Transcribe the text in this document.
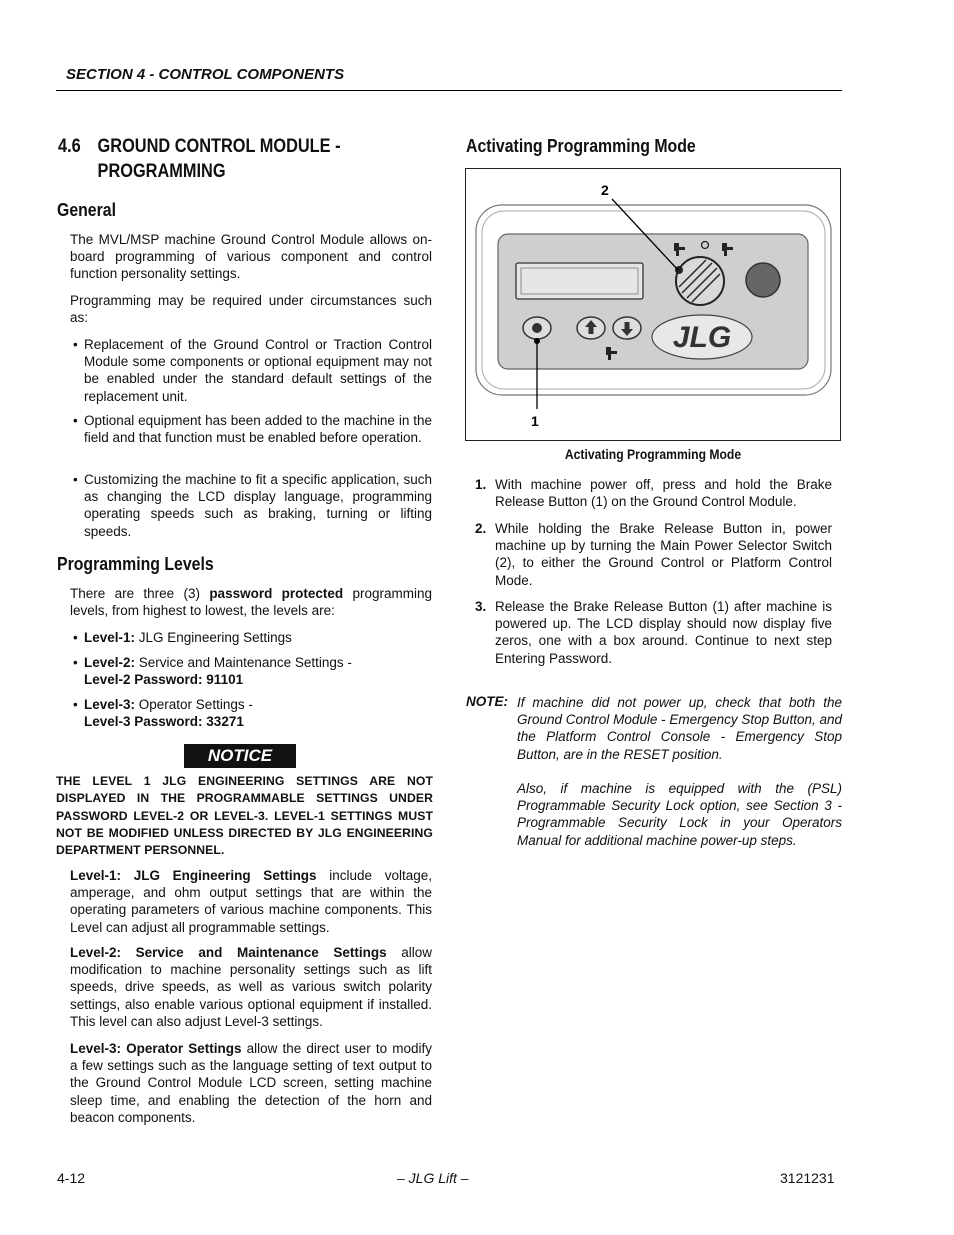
SECTION 4 - CONTROL COMPONENTS
4.6 GROUND CONTROL MODULE -
PROGRAMMING
General
The MVL/MSP machine Ground Control Module allows on-board programming of various component and control function personality settings.
Programming may be required under circumstances such as:
• Replacement of the Ground Control or Traction Control Module some components or optional equipment may not be enabled under the standard default settings of the replacement unit.
• Optional equipment has been added to the machine in the field and that function must be enabled before operation.
• Customizing the machine to fit a specific application, such as changing the LCD display language, programming operating speeds such as braking, turning or lifting speeds.
Programming Levels
There are three (3) password protected programming levels, from highest to lowest, the levels are:
• Level-1: JLG Engineering Settings
• Level-2: Service and Maintenance Settings -
Level-2 Password: 91101
• Level-3: Operator Settings -
Level-3 Password: 33271
NOTICE
THE LEVEL 1 JLG ENGINEERING SETTINGS ARE NOT DISPLAYED IN THE PROGRAMMABLE SETTINGS UNDER PASSWORD LEVEL-2 OR LEVEL-3. LEVEL-1 SETTINGS MUST NOT BE MODIFIED UNLESS DIRECTED BY JLG ENGINEERING DEPARTMENT PERSONNEL.
Level-1: JLG Engineering Settings include voltage, amperage, and ohm output settings that are within the operating parameters of various machine components. This Level can adjust all programmable settings.
Level-2: Service and Maintenance Settings allow modification to machine personality settings such as lift speeds, drive speeds, as well as various switch polarity settings, also enable various optional equipment if installed. This level can also adjust Level-3 settings.
Level-3: Operator Settings allow the direct user to modify a few settings such as the language setting of text output to the Ground Control Module LCD screen, setting machine sleep time, and enabling the detection of the horn and beacon components.
Activating Programming Mode
JLG
2
1
Activating Programming Mode
1. With machine power off, press and hold the Brake Release Button (1) on the Ground Control Module.
2. While holding the Brake Release Button in, power machine up by turning the Main Power Selector Switch (2), to either the Ground Control or Platform Control Mode.
3. Release the Brake Release Button (1) after machine is powered up. The LCD display should now display five zeros, one with a box around. Continue to next step Entering Password.
NOTE: If machine did not power up, check that both the Ground Control Module - Emergency Stop Button, and the Platform Control Console - Emergency Stop Button, are in the RESET position.
Also, if machine is equipped with the (PSL) Programmable Security Lock option, see Section 3 - Programmable Security Lock in your Operators Manual for additional machine power-up steps.
4-12	– JLG Lift –	3121231
